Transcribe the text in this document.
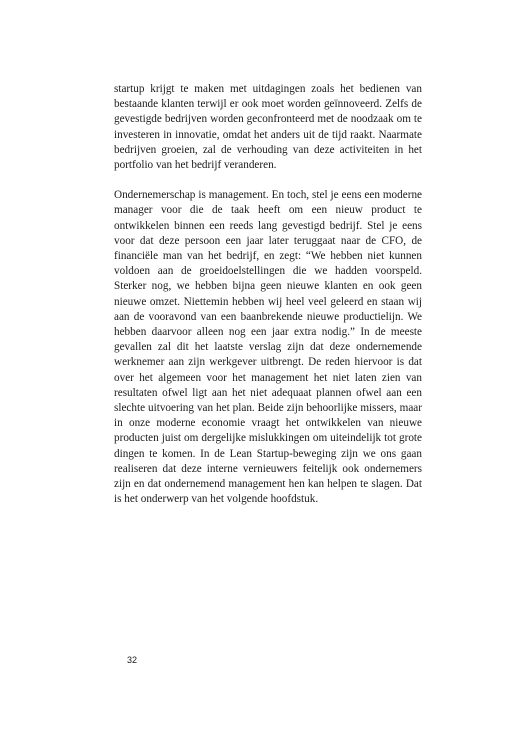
startup krijgt te maken met uitdagingen zoals het bedienen van bestaande klanten terwijl er ook moet worden geïnnoveerd. Zelfs de gevestigde bedrijven worden geconfronteerd met de noodzaak om te investeren in innovatie, omdat het anders uit de tijd raakt. Naarmate bedrijven groeien, zal de verhouding van deze activiteiten in het portfolio van het bedrijf veranderen.

Ondernemerschap is management. En toch, stel je eens een moderne manager voor die de taak heeft om een nieuw product te ontwikkelen binnen een reeds lang gevestigd bedrijf. Stel je eens voor dat deze persoon een jaar later teruggaat naar de CFO, de financiële man van het bedrijf, en zegt: “We hebben niet kunnen voldoen aan de groeidoelstellingen die we hadden voorspeld. Sterker nog, we hebben bijna geen nieuwe klanten en ook geen nieuwe omzet. Niettemin hebben wij heel veel geleerd en staan wij aan de vooravond van een baanbrekende nieuwe productielijn. We hebben daarvoor alleen nog een jaar extra nodig.” In de meeste gevallen zal dit het laatste verslag zijn dat deze ondernemende werknemer aan zijn werkgever uitbrengt. De reden hiervoor is dat over het algemeen voor het management het niet laten zien van resultaten ofwel ligt aan het niet adequaat plannen ofwel aan een slechte uitvoering van het plan. Beide zijn behoorlijke missers, maar in onze moderne economie vraagt het ontwikkelen van nieuwe producten juist om dergelijke mislukkingen om uiteindelijk tot grote dingen te komen. In de Lean Startup-beweging zijn we ons gaan realiseren dat deze interne vernieuwers feitelijk ook ondernemers zijn en dat ondernemend management hen kan helpen te slagen. Dat is het onderwerp van het volgende hoofdstuk.

32
